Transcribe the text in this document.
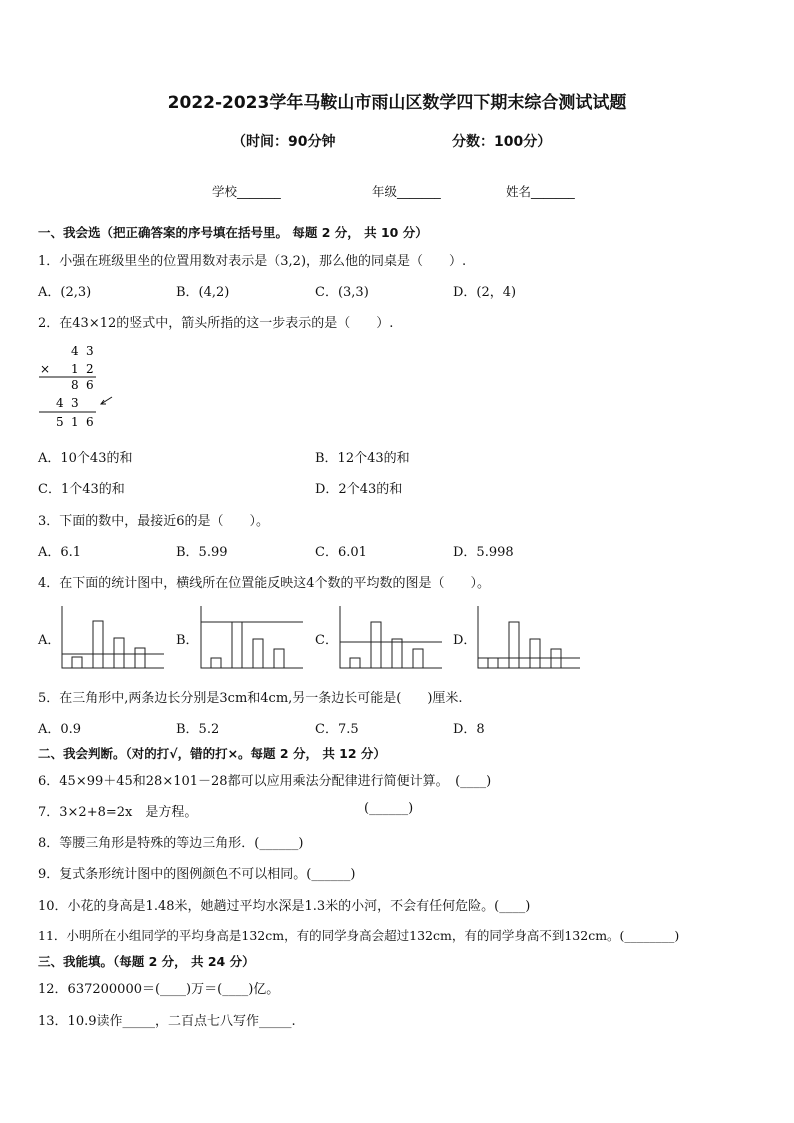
2022-2023学年马鞍山市雨山区数学四下期末综合测试试题
（时间：90分钟	分数：100分）
学校_______	年级_______	姓名_______
一、我会选（把正确答案的序号填在括号里。 每题 2 分， 共 10 分）
1．小强在班级里坐的位置用数对表示是（3,2)，那么他的同桌是（　　）.
A．(2,3)	B．(4,2)	C．(3,3)	D．(2，4)
2．在43×12的竖式中，箭头所指的这一步表示的是（　　）.
4 3
× 1 2
8 6
4 3
5 1 6
A．10个43的和	B．12个43的和
C．1个43的和	D．2个43的和
3．下面的数中，最接近6的是（　　）。
A．6.1	B．5.99	C．6.01	D．5.998
4．在下面的统计图中，横线所在位置能反映这4个数的平均数的图是（　　）。
A．	B．	C．	D．
5．在三角形中,两条边长分别是3cm和4cm,另一条边长可能是(　　)厘米.
A．0.9	B．5.2	C．7.5	D．8
二、我会判断。（对的打√，错的打×。每题 2 分， 共 12 分）
6．45×99＋45和28×101－28都可以应用乘法分配律进行简便计算。　(____)
7．3×2+8=2x　是方程。	(______)
8．等腰三角形是特殊的等边三角形．(______)
9．复式条形统计图中的图例颜色不可以相同。(______)
10．小花的身高是1.48米，她趟过平均水深是1.3米的小河，不会有任何危险。(____)
11．小明所在小组同学的平均身高是132cm，有的同学身高会超过132cm，有的同学身高不到132cm。(________)
三、我能填。（每题 2 分， 共 24 分）
12．637200000＝(____)万＝(____)亿。
13．10.9读作_____，二百点七八写作_____.
